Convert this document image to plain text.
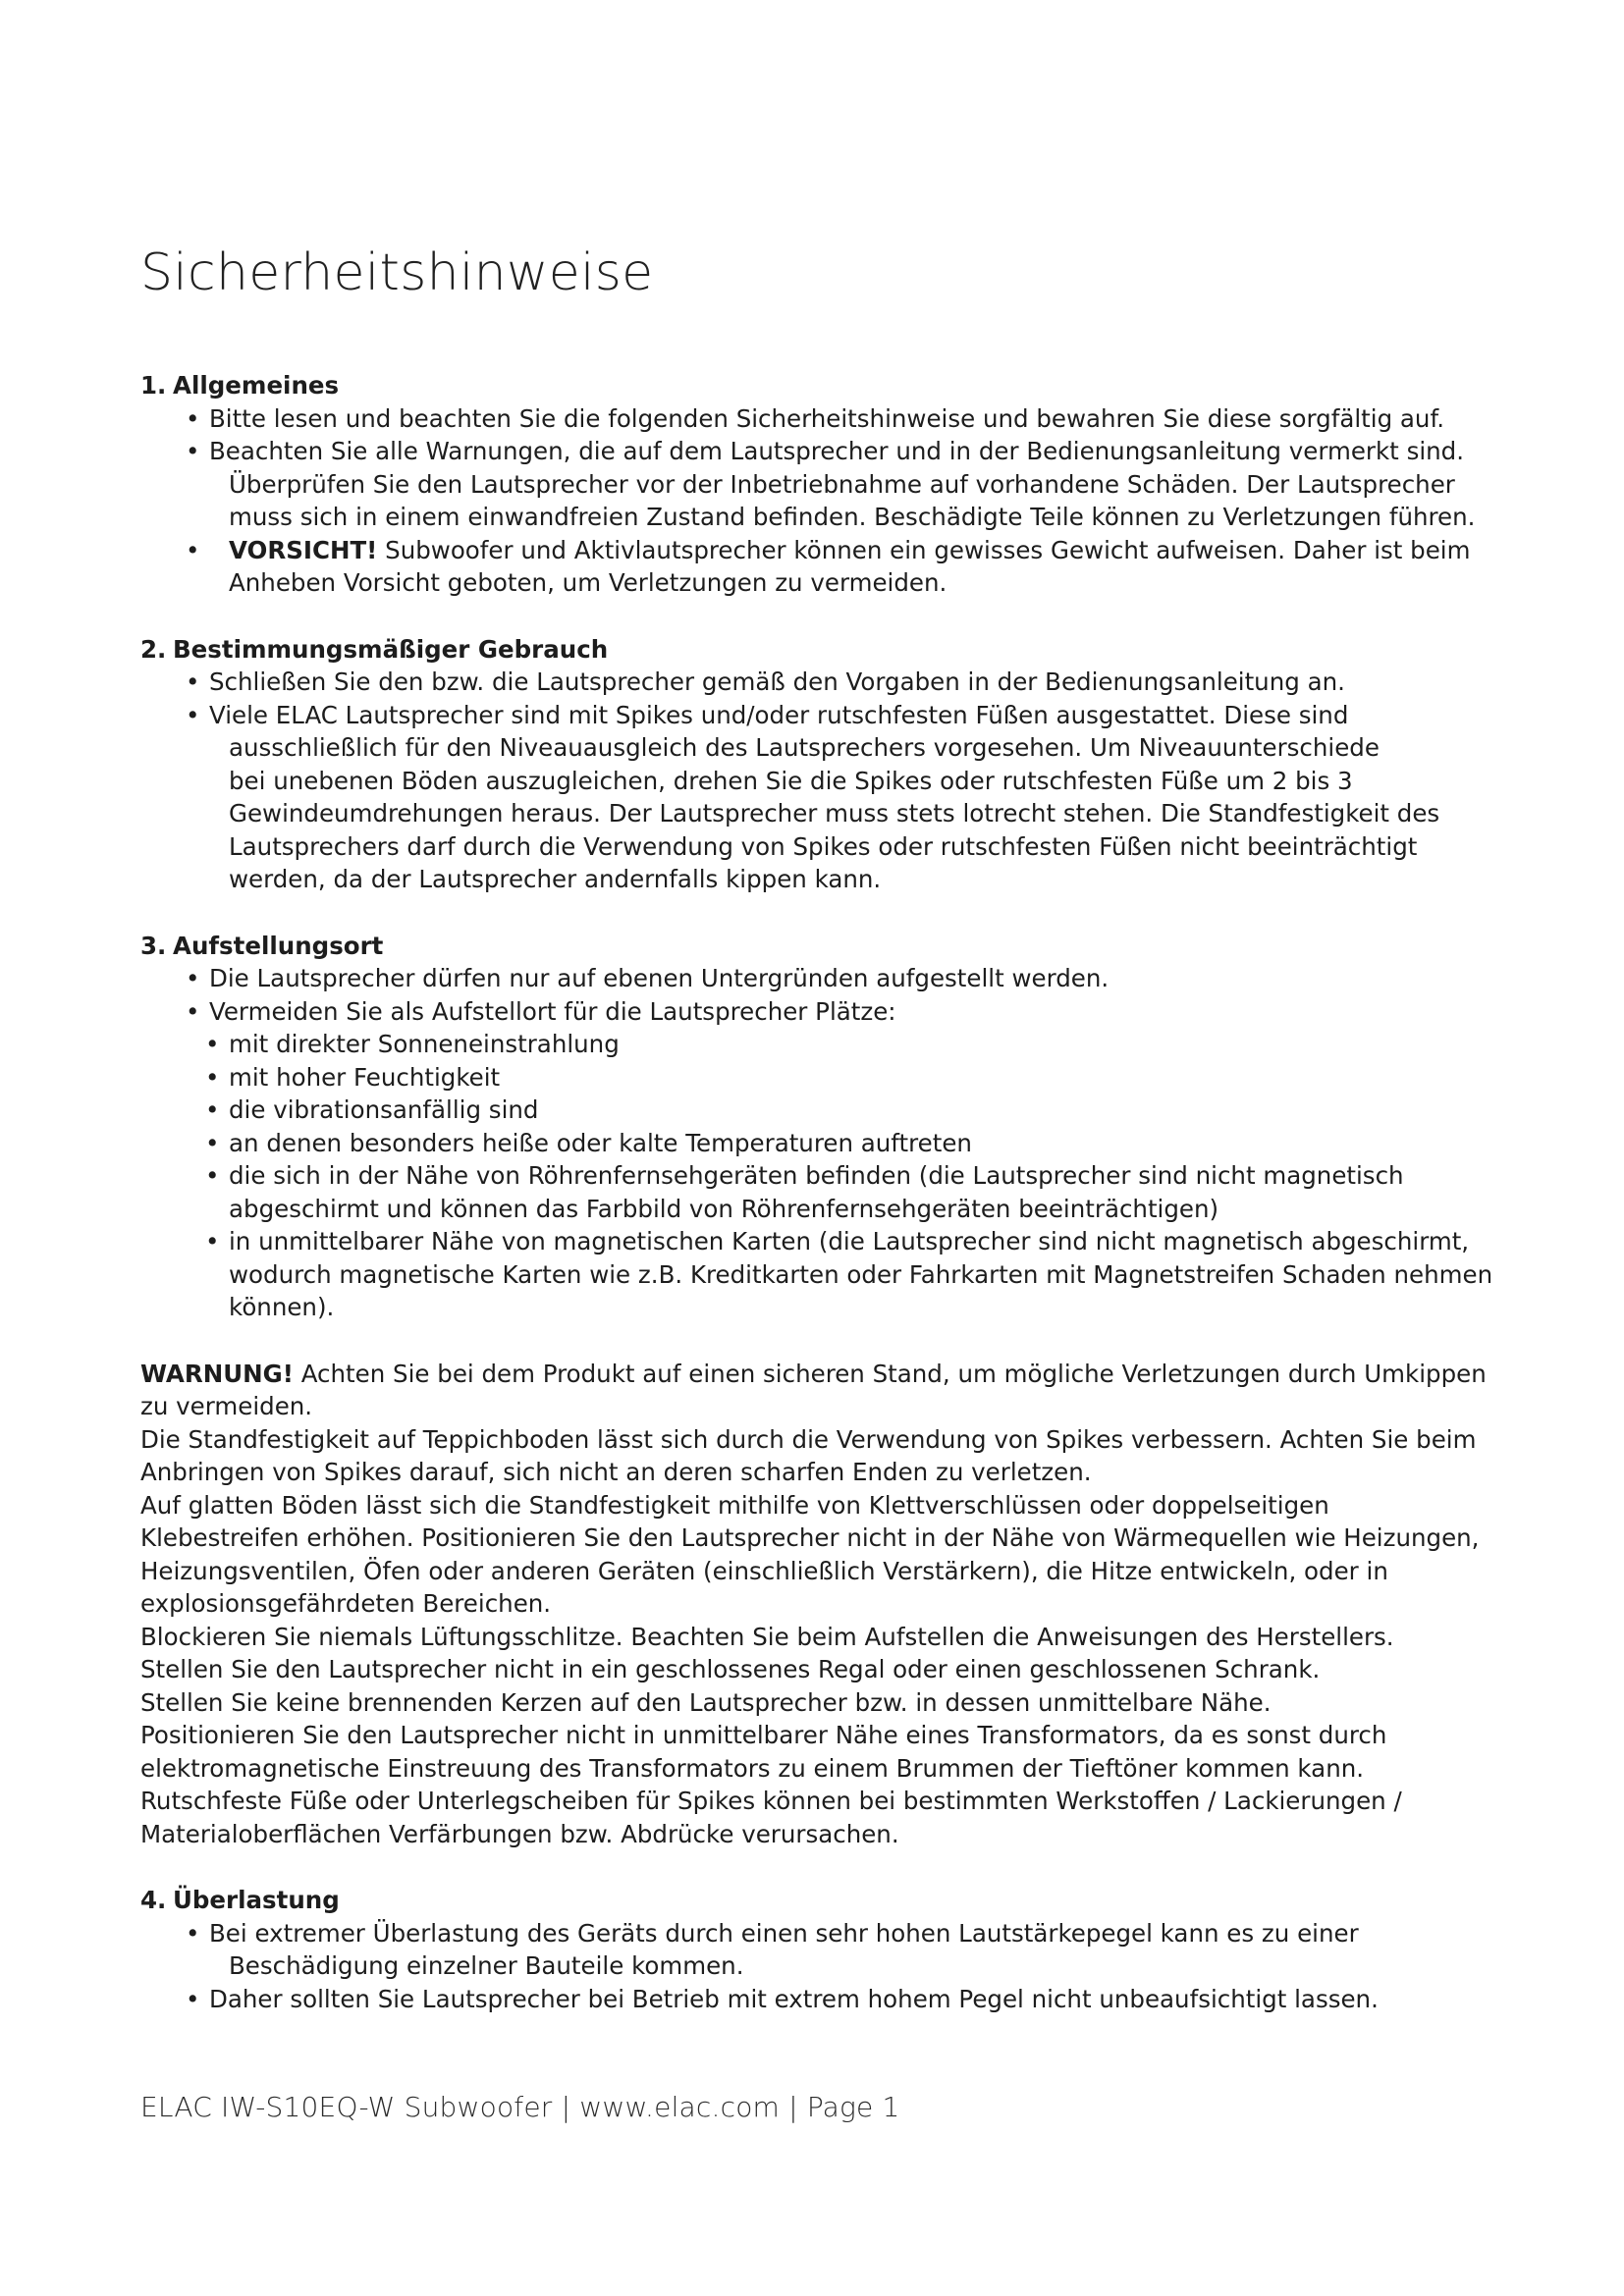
Sicherheitshinweise

1. Allgemeines

• Bitte lesen und beachten Sie die folgenden Sicherheitshinweise und bewahren Sie diese sorgfältig auf.
• Beachten Sie alle Warnungen, die auf dem Lautsprecher und in der Bedienungsanleitung vermerkt sind.
Überprüfen Sie den Lautsprecher vor der Inbetriebnahme auf vorhandene Schäden. Der Lautsprecher
muss sich in einem einwandfreien Zustand befinden. Beschädigte Teile können zu Verletzungen führen.
• VORSICHT! Subwoofer und Aktivlautsprecher können ein gewisses Gewicht aufweisen. Daher ist beim
Anheben Vorsicht geboten, um Verletzungen zu vermeiden.

2. Bestimmungsmäßiger Gebrauch

• Schließen Sie den bzw. die Lautsprecher gemäß den Vorgaben in der Bedienungsanleitung an.
• Viele ELAC Lautsprecher sind mit Spikes und/oder rutschfesten Füßen ausgestattet. Diese sind
ausschließlich für den Niveauausgleich des Lautsprechers vorgesehen. Um Niveauunterschiede
bei unebenen Böden auszugleichen, drehen Sie die Spikes oder rutschfesten Füße um 2 bis 3
Gewindeumdrehungen heraus. Der Lautsprecher muss stets lotrecht stehen. Die Standfestigkeit des
Lautsprechers darf durch die Verwendung von Spikes oder rutschfesten Füßen nicht beeinträchtigt
werden, da der Lautsprecher andernfalls kippen kann.

3. Aufstellungsort

• Die Lautsprecher dürfen nur auf ebenen Untergründen aufgestellt werden.
• Vermeiden Sie als Aufstellort für die Lautsprecher Plätze:
• mit direkter Sonneneinstrahlung
• mit hoher Feuchtigkeit
• die vibrationsanfällig sind
• an denen besonders heiße oder kalte Temperaturen auftreten
• die sich in der Nähe von Röhrenfernsehgeräten befinden (die Lautsprecher sind nicht magnetisch abgeschirmt und können das Farbbild von Röhrenfernsehgeräten beeinträchtigen)
• in unmittelbarer Nähe von magnetischen Karten (die Lautsprecher sind nicht magnetisch abgeschirmt, wodurch magnetische Karten wie z.B. Kreditkarten oder Fahrkarten mit Magnetstreifen Schaden nehmen können).

WARNUNG! Achten Sie bei dem Produkt auf einen sicheren Stand, um mögliche Verletzungen durch Umkippen

zu vermeiden.

Die Standfestigkeit auf Teppichboden lässt sich durch die Verwendung von Spikes verbessern. Achten Sie beim

Anbringen von Spikes darauf, sich nicht an deren scharfen Enden zu verletzen.

Auf glatten Böden lässt sich die Standfestigkeit mithilfe von Klettverschlüssen oder doppelseitigen

Klebestreifen erhöhen. Positionieren Sie den Lautsprecher nicht in der Nähe von Wärmequellen wie Heizungen,

Heizungsventilen, Öfen oder anderen Geräten (einschließlich Verstärkern), die Hitze entwickeln, oder in

explosionsgefährdeten Bereichen.

Blockieren Sie niemals Lüftungsschlitze. Beachten Sie beim Aufstellen die Anweisungen des Herstellers.

Stellen Sie den Lautsprecher nicht in ein geschlossenes Regal oder einen geschlossenen Schrank.

Stellen Sie keine brennenden Kerzen auf den Lautsprecher bzw. in dessen unmittelbare Nähe.

Positionieren Sie den Lautsprecher nicht in unmittelbarer Nähe eines Transformators, da es sonst durch

elektromagnetische Einstreuung des Transformators zu einem Brummen der Tieftöner kommen kann.

Rutschfeste Füße oder Unterlegscheiben für Spikes können bei bestimmten Werkstoffen / Lackierungen /

Materialoberflächen Verfärbungen bzw. Abdrücke verursachen.

4. Überlastung

• Bei extremer Überlastung des Geräts durch einen sehr hohen Lautstärkepegel kann es zu einer
Beschädigung einzelner Bauteile kommen.
• Daher sollten Sie Lautsprecher bei Betrieb mit extrem hohem Pegel nicht unbeaufsichtigt lassen.
ELAC IW-S10EQ-W Subwoofer | www.elac.com | Page 1
